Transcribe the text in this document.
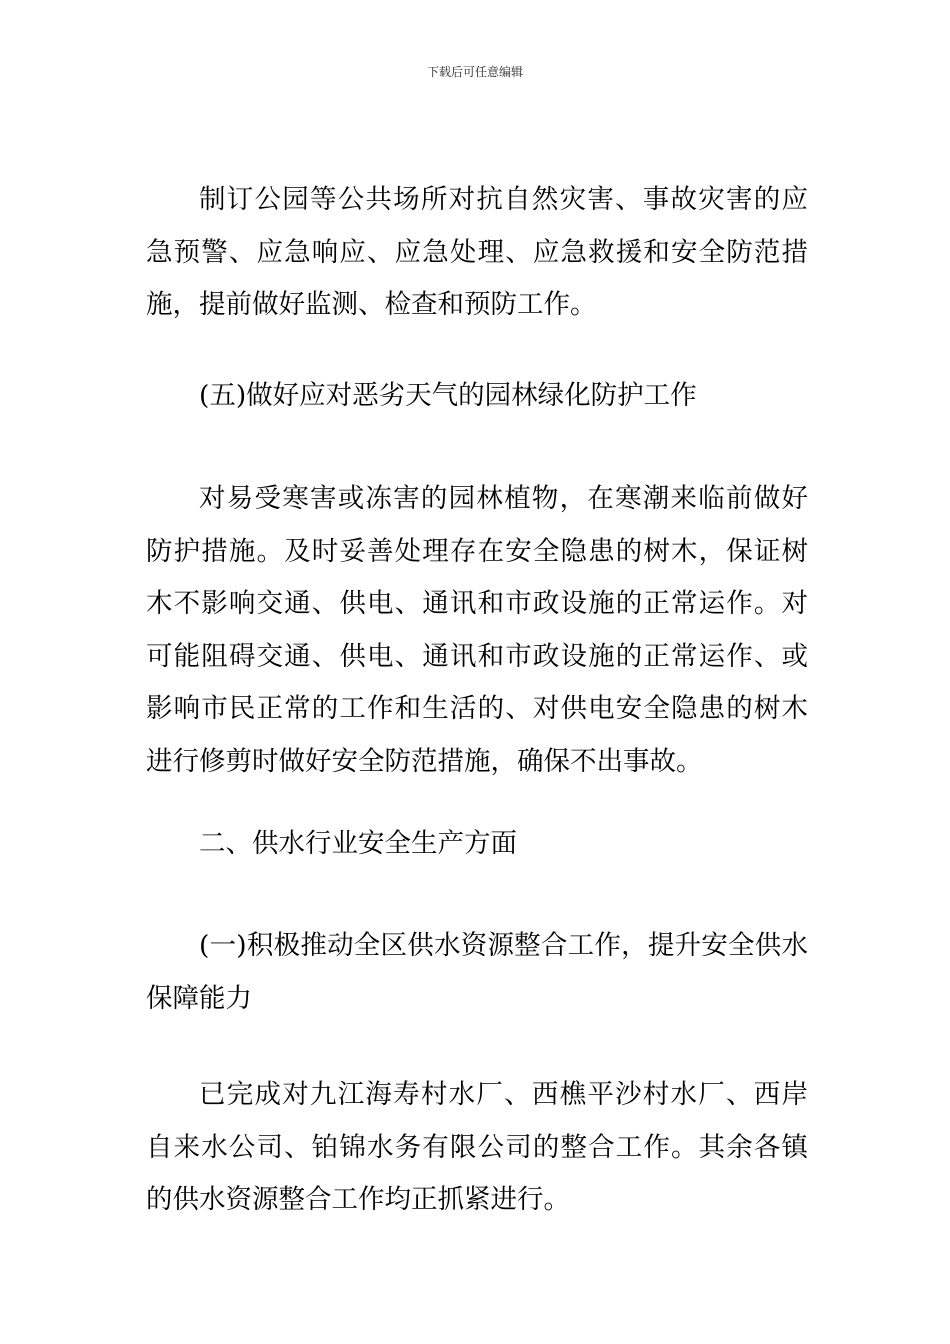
下载后可任意编辑

制订公园等公共场所对抗自然灾害、事故灾害的应急预警、应急响应、应急处理、应急救援和安全防范措施，提前做好监测、检查和预防工作。

(五)做好应对恶劣天气的园林绿化防护工作

对易受寒害或冻害的园林植物，在寒潮来临前做好防护措施。及时妥善处理存在安全隐患的树木，保证树木不影响交通、供电、通讯和市政设施的正常运作。对可能阻碍交通、供电、通讯和市政设施的正常运作、或影响市民正常的工作和生活的、对供电安全隐患的树木进行修剪时做好安全防范措施，确保不出事故。

二、供水行业安全生产方面

(一)积极推动全区供水资源整合工作，提升安全供水保障能力

已完成对九江海寿村水厂、西樵平沙村水厂、西岸自来水公司、铂锦水务有限公司的整合工作。其余各镇的供水资源整合工作均正抓紧进行。
